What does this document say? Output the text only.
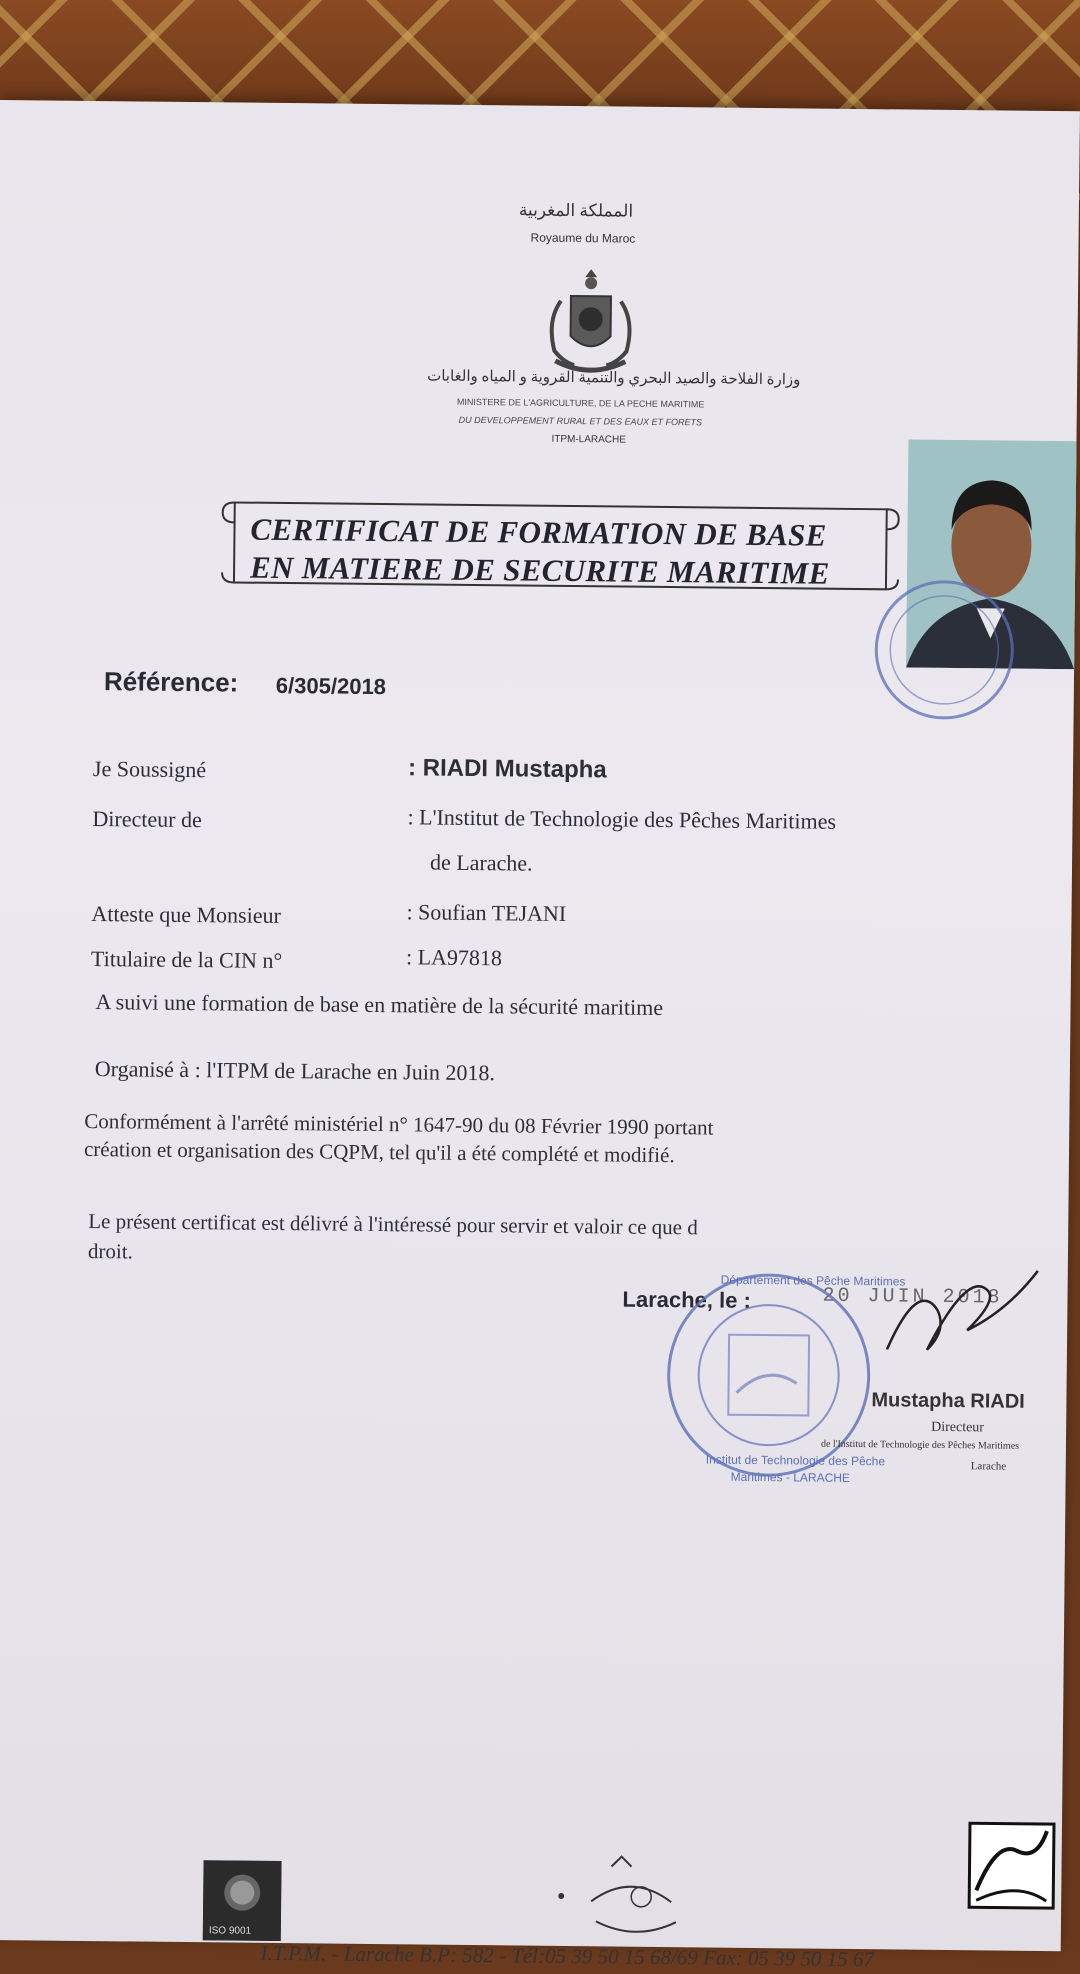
المملكة المغربية
Royaume du Maroc
وزارة الفلاحة والصيد البحري والتنمية القروية و المياه والغابات
MINISTERE DE L'AGRICULTURE, DE LA PECHE MARITIME
DU DEVELOPPEMENT RURAL ET DES EAUX ET FORETS
ITPM-LARACHE
CERTIFICAT DE FORMATION DE BASE
EN MATIERE DE SECURITE MARITIME
Référence: 6/305/2018
Je Soussigné	: RIADI Mustapha
Directeur de	: L'Institut de Technologie des Pêches Maritimes
de Larache.
Atteste que Monsieur	: Soufian TEJANI
Titulaire de la CIN n°	: LA97818
A suivi une formation de base en matière de la sécurité maritime
Organisé à : l'ITPM de Larache en Juin 2018.
Conformément à l'arrêté ministériel n° 1647-90 du 08 Février 1990 portant
création et organisation des CQPM, tel qu'il a été complété et modifié.
Le présent certificat est délivré à l'intéressé pour servir et valoir ce que d
droit.
Larache, le :	20 JUIN 2018
Département des Pêche Maritimes
Institut de Technologie des Pêche
Maritimes - LARACHE
Mustapha RIADI
Directeur
de l'Institut de Technologie des Pêches Maritimes
Larache
ISO 9001
I.T.P.M. - Larache B.P: 582 - Tél:05 39 50 15 68/69 Fax: 05 39 50 15 67
